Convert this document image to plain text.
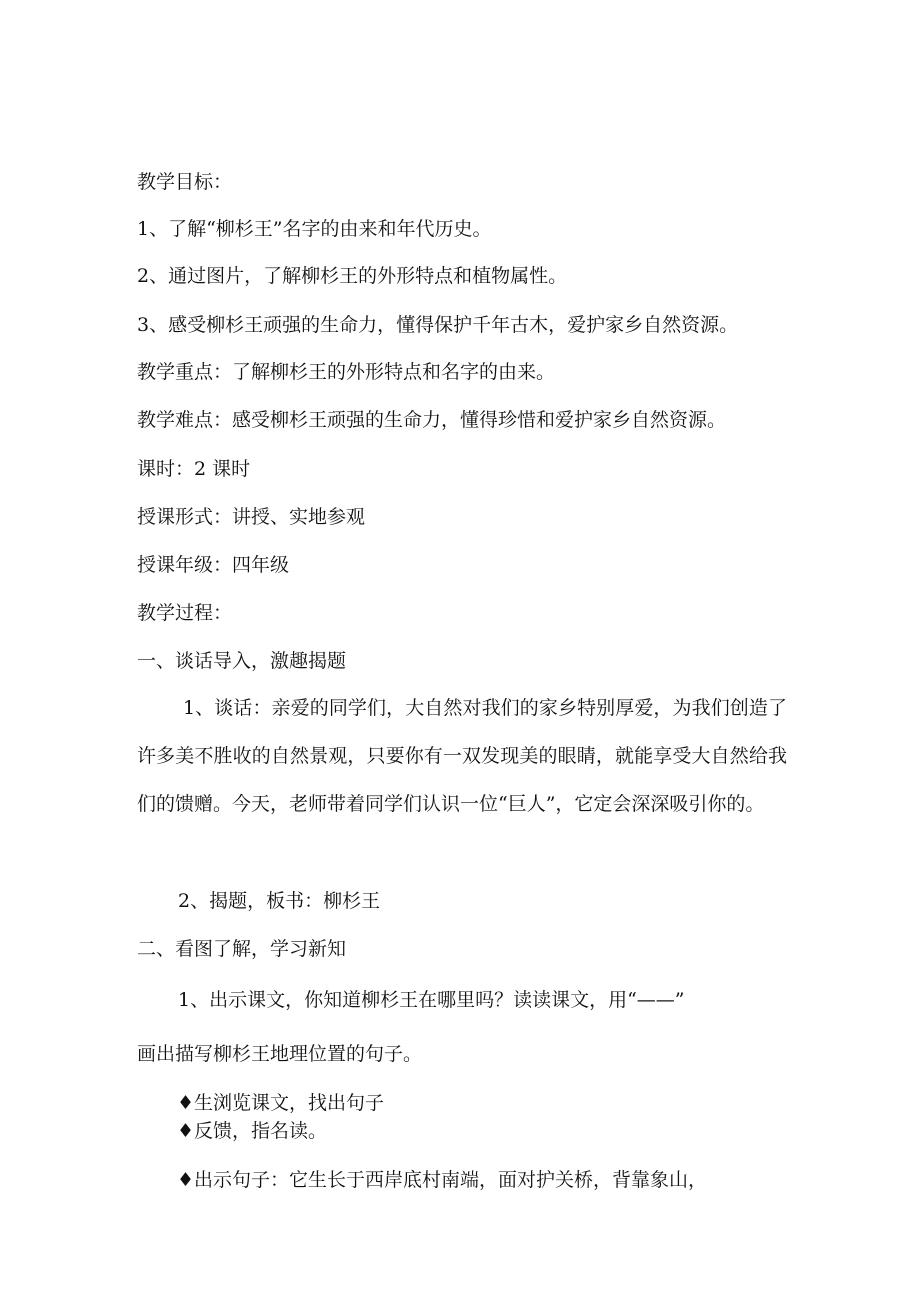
教学目标：
1、了解“柳杉王”名字的由来和年代历史。
2、通过图片，了解柳杉王的外形特点和植物属性。
3、感受柳杉王顽强的生命力，懂得保护千年古木，爱护家乡自然资源。
教学重点：了解柳杉王的外形特点和名字的由来。
教学难点：感受柳杉王顽强的生命力，懂得珍惜和爱护家乡自然资源。
课时：2 课时
授课形式：讲授、实地参观
授课年级：四年级
教学过程：
一、谈话导入，激趣揭题
1、谈话：亲爱的同学们，大自然对我们的家乡特别厚爱，为我们创造了许多美不胜收的自然景观，只要你有一双发现美的眼睛，就能享受大自然给我们的馈赠。今天，老师带着同学们认识一位“巨人”，它定会深深吸引你的。
2、揭题，板书：柳杉王
二、看图了解，学习新知
1、出示课文，你知道柳杉王在哪里吗？读读课文，用“——”
画出描写柳杉王地理位置的句子。
♦生浏览课文，找出句子
♦反馈，指名读。
♦出示句子：它生长于西岸底村南端，面对护关桥，背靠象山，
